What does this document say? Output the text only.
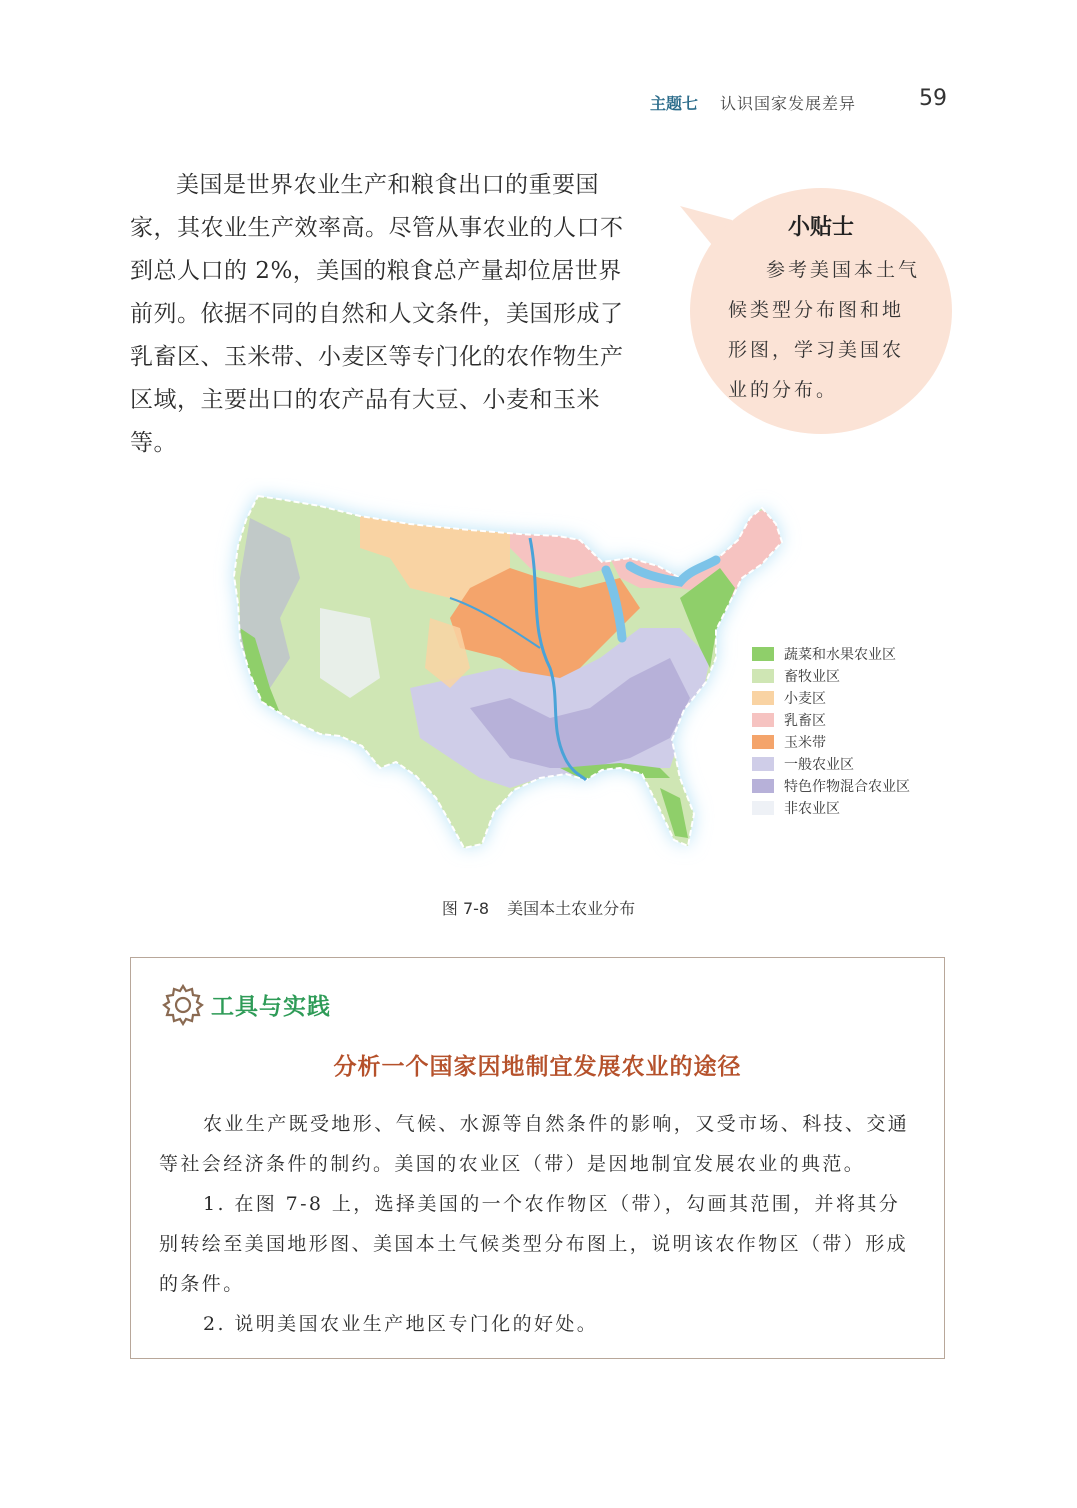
主题七 认识国家发展差异	59

美国是世界农业生产和粮食出口的重要国家，其农业生产效率高。尽管从事农业的人口不到总人口的 2%，美国的粮食总产量却位居世界前列。依据不同的自然和人文条件，美国形成了乳畜区、玉米带、小麦区等专门化的农作物生产区域，主要出口的农产品有大豆、小麦和玉米等。

小贴士
参考美国本土气候类型分布图和地形图，学习美国农业的分布。
蔬菜和水果农业区
畜牧业区
小麦区
乳畜区
玉米带
一般农业区
特色作物混合农业区
非农业区
图 7-8 美国本土农业分布
工具与实践
分析一个国家因地制宜发展农业的途径

农业生产既受地形、气候、水源等自然条件的影响，又受市场、科技、交通等社会经济条件的制约。美国的农业区（带）是因地制宜发展农业的典范。

1. 在图 7-8 上，选择美国的一个农作物区（带），勾画其范围，并将其分别转绘至美国地形图、美国本土气候类型分布图上，说明该农作物区（带）形成的条件。

2. 说明美国农业生产地区专门化的好处。
